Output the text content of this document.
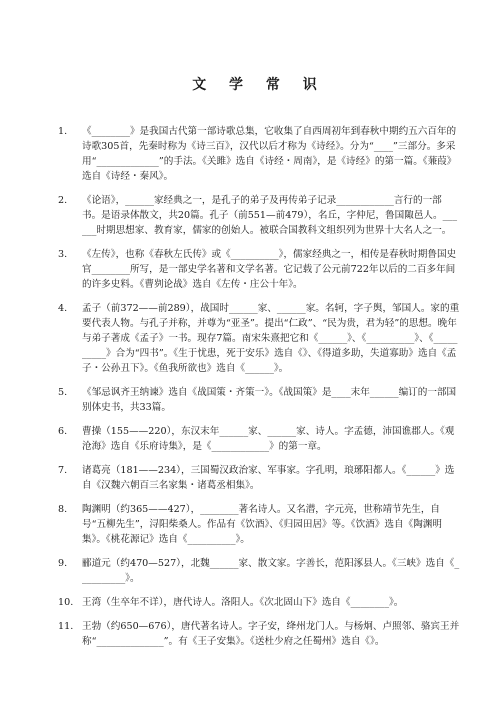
文 学 常 识
1.	《________》是我国古代第一部诗歌总集，它收集了自西周初年到春秋中期约五六百年的诗歌305首，先秦时称为《诗三百》，汉代以后才称为《诗经》。分为“____”三部分。多采用“_____________”的手法。《关雎》选自《诗经・周南》，是《诗经》的第一篇。《蒹葭》选自《诗经・秦风》。
2.	《论语》，______家经典之一，是孔子的弟子及再传弟子记录____________言行的一部书。是语录体散文，共20篇。孔子（前551—前479），名丘，字仲尼，鲁国陬邑人。______时期思想家、教育家，儒家的创始人。被联合国教科文组织列为世界十大名人之一。
3.	《左传》，也称《春秋左氏传》或《__________》，儒家经典之一，相传是春秋时期鲁国史官________所写，是一部史学名著和文学名著。它记载了公元前722年以后的二百多年间的许多史料。《曹刿论战》选自《左传・庄公十年》。
4.	孟子（前372——前289），战国时______家、______家。名轲，字子舆，邹国人。家的重要代表人物。与孔子并称，并尊为“亚圣”。提出“仁政”、“民为贵，君为轻”的思想。晚年与弟子著成《孟子》一书。现存7篇。南宋朱熹把它和《______》、《__________》、《__________》合为“四书”。《生于忧患，死于安乐》选自《》、《得道多助，失道寡助》选自《孟子・公孙丑下》。《鱼我所欲也》选自《______》。
5.	《邹忌讽齐王纳谏》选自《战国策・齐策一》。《战国策》是____末年______编订的一部国别体史书，共33篇。
6.	曹操（155——220），东汉末年______家、______家、诗人。字孟德，沛国谯郡人。《观沧海》选自《乐府诗集》，是《____________》的第一章。
7.	诸葛亮（181——234），三国蜀汉政治家、军事家。字孔明，琅琊阳都人。《______》选自《汉魏六朝百三名家集・诸葛丞相集》。
8.	陶渊明（约365——427），________著名诗人。又名潜，字元亮，世称靖节先生，自号“五柳先生”，浔阳柴桑人。作品有《饮酒》、《归园田居》等。《饮酒》选自《陶渊明集》。《桃花源记》选自《__________》。
9.	郦道元（约470—527），北魏______家、散文家。字善长，范阳涿县人。《三峡》选自《__________》。
10. 王湾（生卒年不详），唐代诗人。洛阳人。《次北固山下》选自《________》。
11. 王勃（约650—676），唐代著名诗人。字子安，绛州龙门人。与杨炯、卢照邻、骆宾王并称“______________”。有《王子安集》。《送杜少府之任蜀州》选自《》。
